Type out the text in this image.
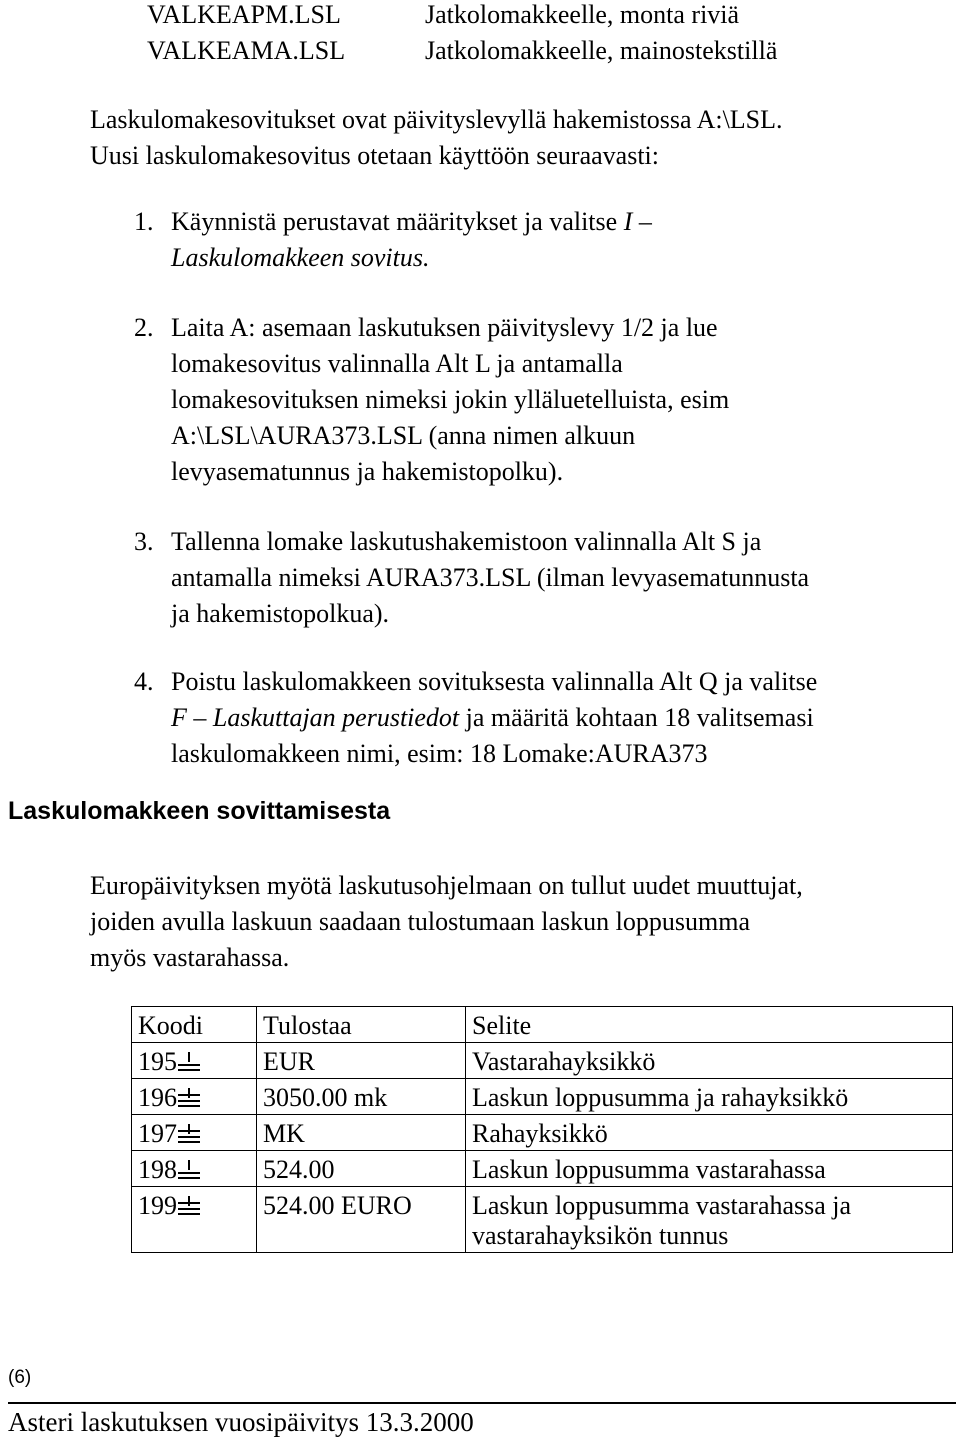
VALKEAPM.LSL	Jatkolomakkeelle, monta riviä
VALKEAMA.LSL	Jatkolomakkeelle, mainostekstillä
Laskulomakesovitukset ovat päivityslevyllä hakemistossa A:\LSL.
Uusi laskulomakesovitus otetaan käyttöön seuraavasti:
1. Käynnistä perustavat määritykset ja valitse I –
Laskulomakkeen sovitus.
2. Laita A: asemaan laskutuksen päivityslevy 1/2 ja lue
lomakesovitus valinnalla Alt L ja antamalla
lomakesovituksen nimeksi jokin ylläluetelluista, esim
A:\LSL\AURA373.LSL (anna nimen alkuun
levyasematunnus ja hakemistopolku).
3. Tallenna lomake laskutushakemistoon valinnalla Alt S ja
antamalla nimeksi AURA373.LSL (ilman levyasematunnusta
ja hakemistopolkua).
4. Poistu laskulomakkeen sovituksesta valinnalla Alt Q ja valitse
F – Laskuttajan perustiedot ja määritä kohtaan 18 valitsemasi
laskulomakkeen nimi, esim: 18 Lomake:AURA373
Laskulomakkeen sovittamisesta
Europäivityksen myötä laskutusohjelmaan on tullut uudet muuttujat,
joiden avulla laskuun saadaan tulostumaan laskun loppusumma
myös vastarahassa.
Koodi	Tulostaa	Selite
195	EUR	Vastarahayksikkö
196	3050.00 mk	Laskun loppusumma ja rahayksikkö
197	MK	Rahayksikkö
198	524.00	Laskun loppusumma vastarahassa
199	524.00 EURO	Laskun loppusumma vastarahassa ja
vastarahayksikön tunnus
(6)
Asteri laskutuksen vuosipäivitys 13.3.2000
